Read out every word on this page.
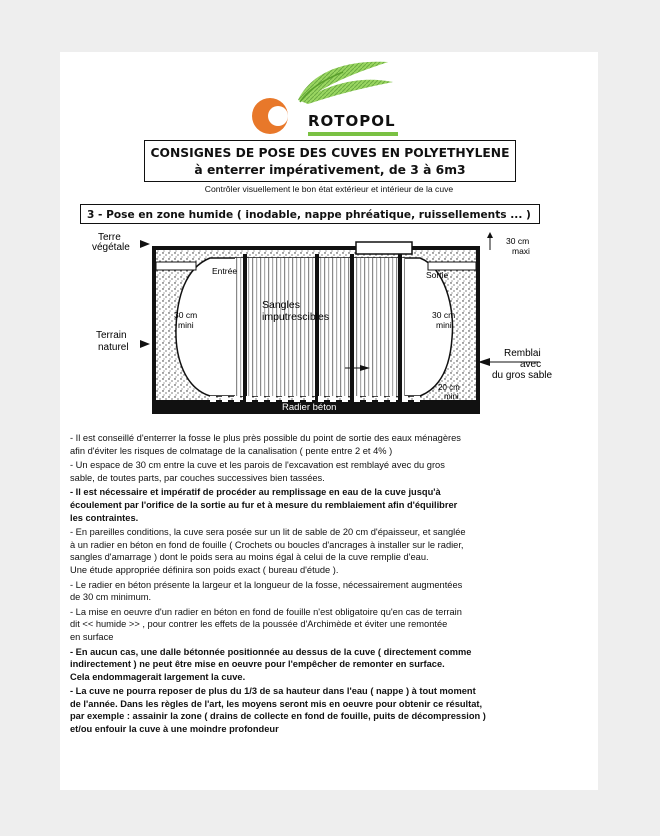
ROTOPOL
CONSIGNES DE POSE DES CUVES EN POLYETHYLENE
à enterrer impérativement, de 3 à 6m3
Contrôler visuellement le bon état extérieur et intérieur de la cuve
3 - Pose en zone humide ( inodable, nappe phréatique, ruissellements ... )
Terre
végétale
Terrain
naturel
Entrée	Sortie
Sangles
imputrescibles
30 cm
mini
30 cm
mini
30 cm
maxi
20 cm
mini
Remblai
avec
du gros sable
Radier béton
- Il est conseillé d'enterrer la fosse le plus près possible du point de sortie des eaux ménagères
afin d'éviter les risques de colmatage de la canalisation ( pente entre 2 et 4% )
- Un espace de 30 cm entre la cuve et les parois de l'excavation est remblayé avec du gros
sable, de toutes parts, par couches successives bien tassées.
- Il est nécessaire et impératif de procéder au remplissage en eau de la cuve jusqu'à
écoulement par l'orifice de la sortie au fur et à mesure du remblaiement afin d'équilibrer
les contraintes.
- En pareilles conditions, la cuve sera posée sur un lit de sable de 20 cm d'épaisseur, et sanglée
à un radier en béton en fond de fouille ( Crochets ou boucles d'ancrages à installer sur le radier,
sangles d'amarrage ) dont le poids sera au moins égal à celui de la cuve remplie d'eau.
Une étude appropriée définira son poids exact ( bureau d'étude ).
- Le radier en béton présente la largeur et la longueur de la fosse, nécessairement augmentées
de 30 cm minimum.
- La mise en oeuvre d'un radier en béton en fond de fouille n'est obligatoire qu'en cas de terrain
dit << humide >> , pour contrer les effets de la poussée d'Archimède et éviter une remontée
en surface
- En aucun cas, une dalle bétonnée positionnée au dessus de la cuve ( directement comme
indirectement ) ne peut être mise en oeuvre pour l'empêcher de remonter en surface.
Cela endommagerait largement la cuve.
- La cuve ne pourra reposer de plus du 1/3 de sa hauteur dans l'eau ( nappe ) à tout moment
de l'année. Dans les règles de l'art, les moyens seront mis en oeuvre pour obtenir ce résultat,
par exemple : assainir la zone ( drains de collecte en fond de fouille, puits de décompression )
et/ou enfouir la cuve à une moindre profondeur
